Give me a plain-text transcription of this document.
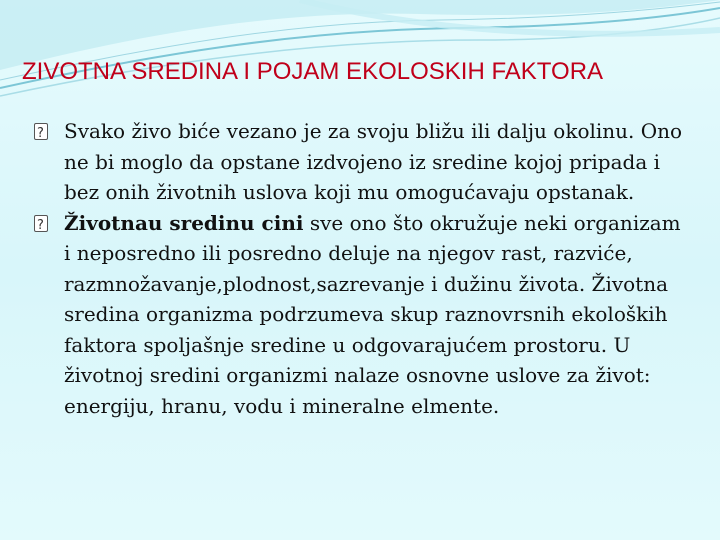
ZIVOTNA SREDINA I POJAM EKOLOSKIH FAKTORA
?
Svako živo biće vezano je za svoju bližu ili dalju okolinu. Ono ne bi moglo da opstane izdvojeno iz sredine kojoj pripada i bez onih životnih uslova koji mu omogućavaju opstanak.
?
Životnau sredinu cini sve ono što okružuje neki organizam i neposredno ili posredno deluje na njegov rast, razviće, razmnožavanje,plodnost,sazrevanje i dužinu života. Životna sredina organizma podrzumeva skup raznovrsnih ekoloških faktora spoljašnje sredine u odgovarajućem prostoru. U životnoj sredini organizmi nalaze osnovne uslove za život: energiju, hranu, vodu i mineralne elmente.
